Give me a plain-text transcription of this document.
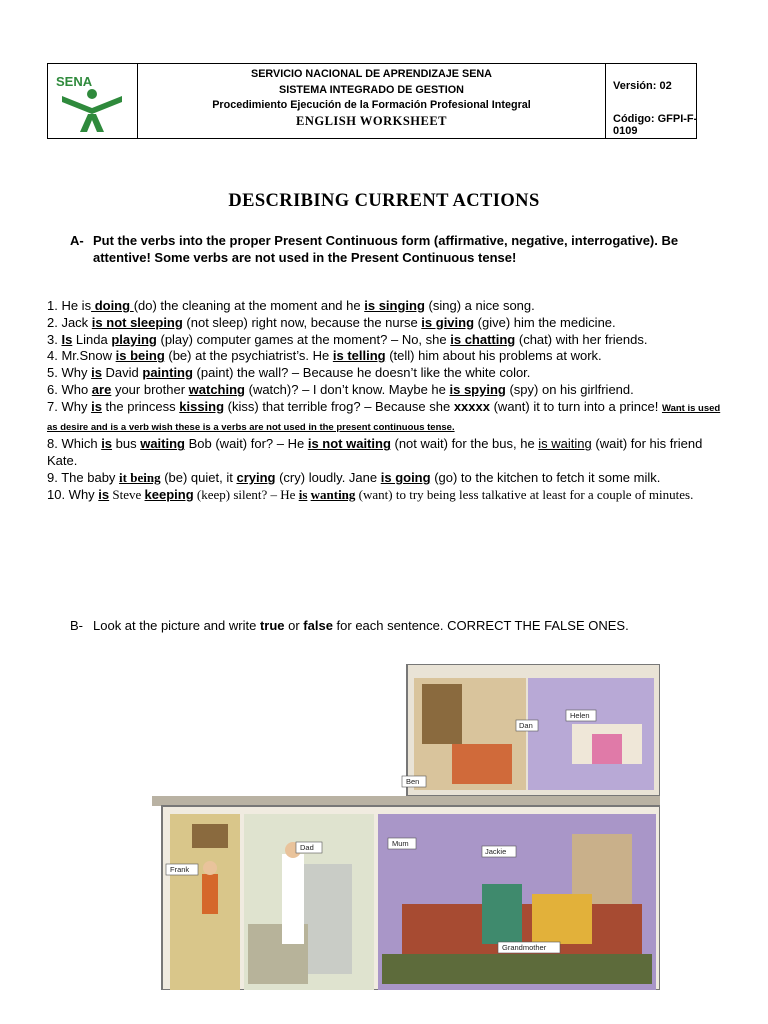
SENA	SERVICIO NACIONAL DE APRENDIZAJE SENA
SISTEMA INTEGRADO DE GESTION
Procedimiento Ejecución de la Formación Profesional Integral
ENGLISH WORKSHEET
Versión: 02
Código: GFPI-F-0109
DESCRIBING CURRENT ACTIONS
A- Put the verbs into the proper Present Continuous form (affirmative, negative, interrogative). Be attentive! Some verbs are not used in the Present Continuous tense!

1. He is doing (do) the cleaning at the moment and he is singing (sing) a nice song.

2. Jack is not sleeping (not sleep) right now, because the nurse is giving (give) him the medicine.

3. Is Linda playing (play) computer games at the moment? – No, she is chatting (chat) with her friends.

4. Mr.Snow is being (be) at the psychiatrist’s. He is telling (tell) him about his problems at work.

5. Why is David painting (paint) the wall? – Because he doesn’t like the white color.

6. Who are your brother watching (watch)? – I don’t know. Maybe he is spying (spy) on his girlfriend.

7. Why is the princess kissing (kiss) that terrible frog? – Because she xxxxx (want) it to turn into a prince! Want is used as desire and is a verb wish these is a verbs are not used in the present continuous tense.

8. Which is bus waiting Bob (wait) for? – He is not waiting (not wait) for the bus, he is waiting (wait) for his friend Kate.

9. The baby it being (be) quiet, it crying (cry) loudly. Jane is going (go) to the kitchen to fetch it some milk.

10. Why is Steve keeping (keep) silent? – He is wanting (want) to try being less talkative at least for a couple of minutes.

B- Look at the picture and write true or false for each sentence. CORRECT THE FALSE ONES.
Dan
Helen
Ben
Dad	Mum
Jackie
Frank
Grandmother
